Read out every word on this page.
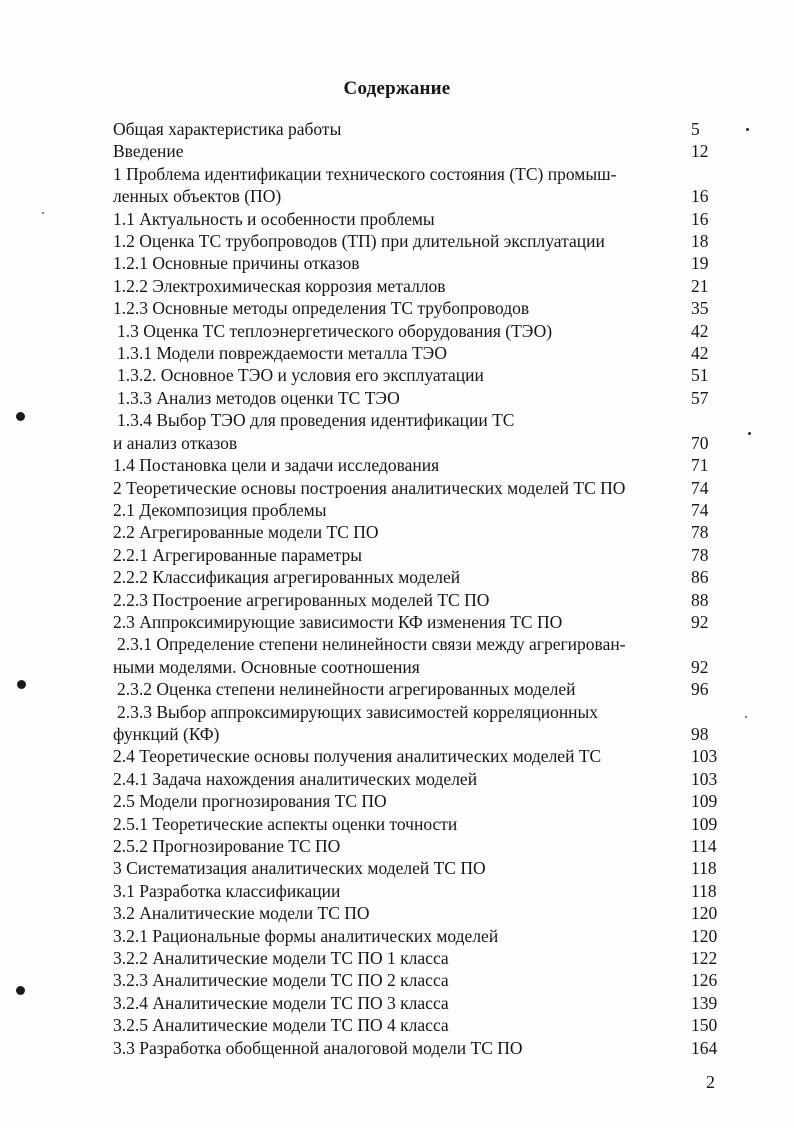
Содержание
Общая характеристика работы	5
Введение	12
1 Проблема идентификации технического состояния (ТС) промыш-
ленных объектов (ПО)	16
1.1 Актуальность и особенности проблемы	16
1.2 Оценка ТС трубопроводов (ТП) при длительной эксплуатации	18
1.2.1 Основные причины отказов	19
1.2.2 Электрохимическая коррозия металлов	21
1.2.3 Основные методы определения ТС трубопроводов	35
1.3 Оценка ТС теплоэнергетического оборудования (ТЭО)	42
1.3.1 Модели повреждаемости металла ТЭО	42
1.3.2. Основное ТЭО и условия его эксплуатации	51
1.3.3 Анализ методов оценки ТС ТЭО	57
1.3.4 Выбор ТЭО для проведения идентификации ТС
и анализ отказов	70
1.4 Постановка цели и задачи исследования	71
2 Теоретические основы построения аналитических моделей ТС ПО	74
2.1 Декомпозиция проблемы	74
2.2 Агрегированные модели ТС ПО	78
2.2.1 Агрегированные параметры	78
2.2.2 Классификация агрегированных моделей	86
2.2.3 Построение агрегированных моделей ТС ПО	88
2.3 Аппроксимирующие зависимости КФ изменения ТС ПО	92
2.3.1 Определение степени нелинейности связи между агрегирован-
ными моделями. Основные соотношения	92
2.3.2 Оценка степени нелинейности агрегированных моделей	96
2.3.3 Выбор аппроксимирующих зависимостей корреляционных
функций (КФ)	98
2.4 Теоретические основы получения аналитических моделей ТС	103
2.4.1 Задача нахождения аналитических моделей	103
2.5 Модели прогнозирования ТС ПО	109
2.5.1 Теоретические аспекты оценки точности	109
2.5.2 Прогнозирование ТС ПО	114
3 Систематизация аналитических моделей ТС ПО	118
3.1 Разработка классификации	118
3.2 Аналитические модели ТС ПО	120
3.2.1 Рациональные формы аналитических моделей	120
3.2.2 Аналитические модели ТС ПО 1 класса	122
3.2.3 Аналитические модели ТС ПО 2 класса	126
3.2.4 Аналитические модели ТС ПО 3 класса	139
3.2.5 Аналитические модели ТС ПО 4 класса	150
3.3 Разработка обобщенной аналоговой модели ТС ПО	164
2
